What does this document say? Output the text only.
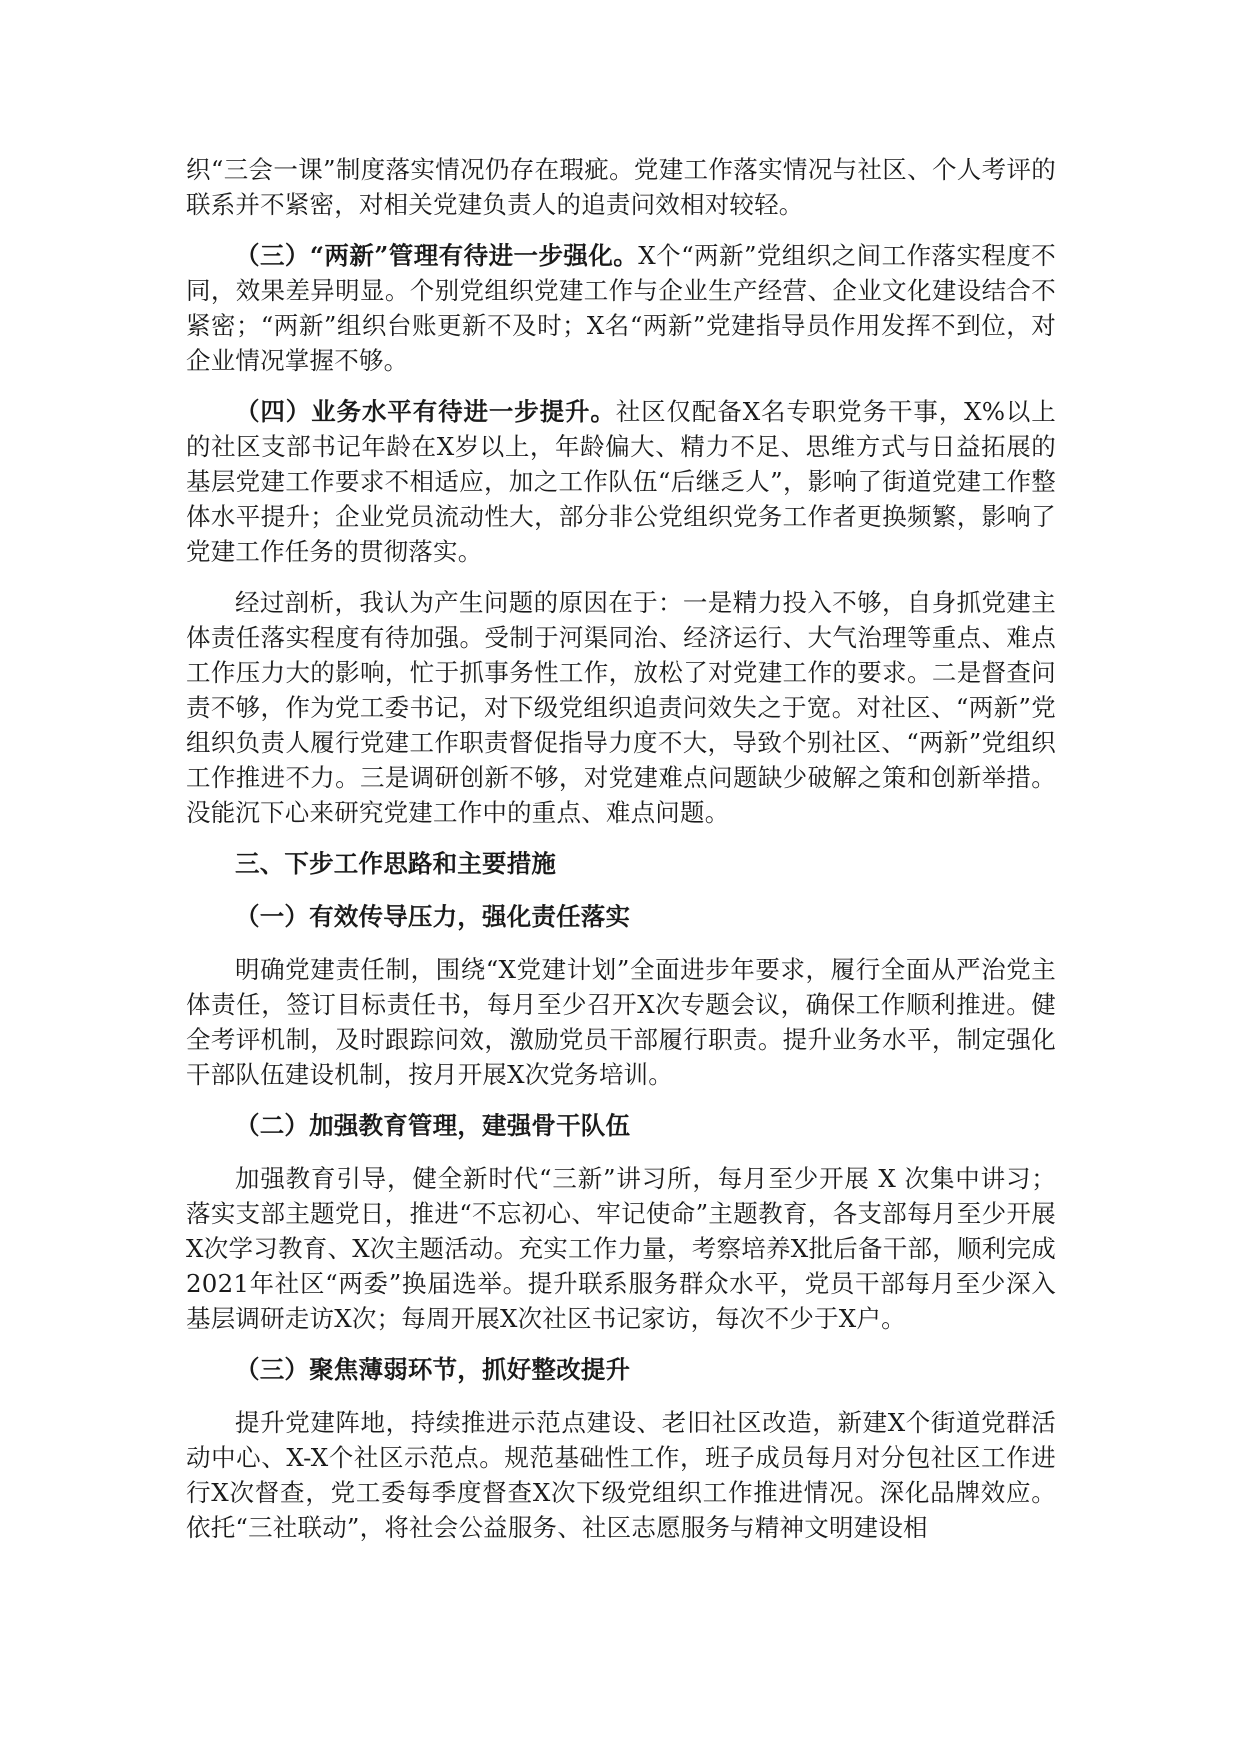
织“三会一课”制度落实情况仍存在瑕疵。党建工作落实情况与社区、个人考评的联系并不紧密，对相关党建负责人的追责问效相对较轻。

（三）“两新”管理有待进一步强化。X个“两新”党组织之间工作落实程度不同，效果差异明显。个别党组织党建工作与企业生产经营、企业文化建设结合不紧密；“两新”组织台账更新不及时；X名“两新”党建指导员作用发挥不到位，对企业情况掌握不够。

（四）业务水平有待进一步提升。社区仅配备X名专职党务干事，X%以上的社区支部书记年龄在X岁以上，年龄偏大、精力不足、思维方式与日益拓展的基层党建工作要求不相适应，加之工作队伍“后继乏人”，影响了街道党建工作整体水平提升；企业党员流动性大，部分非公党组织党务工作者更换频繁，影响了党建工作任务的贯彻落实。

经过剖析，我认为产生问题的原因在于：一是精力投入不够，自身抓党建主体责任落实程度有待加强。受制于河渠同治、经济运行、大气治理等重点、难点工作压力大的影响，忙于抓事务性工作，放松了对党建工作的要求。二是督查问责不够，作为党工委书记，对下级党组织追责问效失之于宽。对社区、“两新”党组织负责人履行党建工作职责督促指导力度不大，导致个别社区、“两新”党组织工作推进不力。三是调研创新不够，对党建难点问题缺少破解之策和创新举措。没能沉下心来研究党建工作中的重点、难点问题。

三、下步工作思路和主要措施

（一）有效传导压力，强化责任落实

明确党建责任制，围绕“X党建计划”全面进步年要求，履行全面从严治党主体责任，签订目标责任书，每月至少召开X次专题会议，确保工作顺利推进。健全考评机制，及时跟踪问效，激励党员干部履行职责。提升业务水平，制定强化干部队伍建设机制，按月开展X次党务培训。

（二）加强教育管理，建强骨干队伍

加强教育引导，健全新时代“三新”讲习所，每月至少开展 X 次集中讲习；落实支部主题党日，推进“不忘初心、牢记使命”主题教育，各支部每月至少开展X次学习教育、X次主题活动。充实工作力量，考察培养X批后备干部，顺利完成2021年社区“两委”换届选举。提升联系服务群众水平，党员干部每月至少深入基层调研走访X次；每周开展X次社区书记家访，每次不少于X户。

（三）聚焦薄弱环节，抓好整改提升

提升党建阵地，持续推进示范点建设、老旧社区改造，新建X个街道党群活动中心、X-X个社区示范点。规范基础性工作，班子成员每月对分包社区工作进行X次督查，党工委每季度督查X次下级党组织工作推进情况。深化品牌效应。依托“三社联动”，将社会公益服务、社区志愿服务与精神文明建设相
